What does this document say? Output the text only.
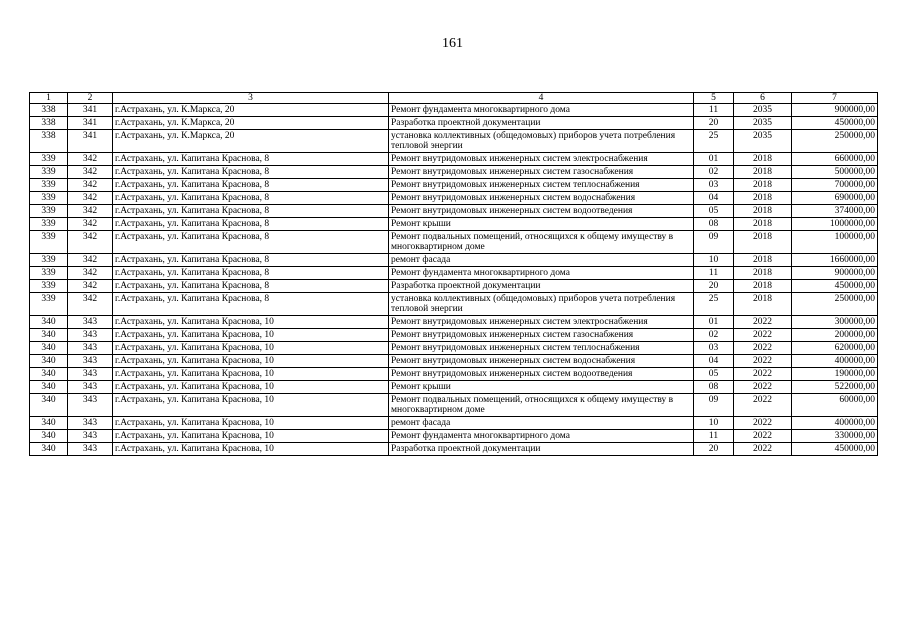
161
1	2	3	4	5	6	7
338	341	г.Астрахань, ул. К.Маркса, 20	Ремонт фундамента многоквартирного дома	11	2035	900000,00
338	341	г.Астрахань, ул. К.Маркса, 20	Разработка проектной документации	20	2035	450000,00
338	341	г.Астрахань, ул. К.Маркса, 20	установка коллективных (общедомовых) приборов учета потребления тепловой энергии	25	2035	250000,00
339	342	г.Астрахань, ул. Капитана Краснова, 8	Ремонт внутридомовых инженерных систем электроснабжения	01	2018	660000,00
339	342	г.Астрахань, ул. Капитана Краснова, 8	Ремонт внутридомовых инженерных систем газоснабжения	02	2018	500000,00
339	342	г.Астрахань, ул. Капитана Краснова, 8	Ремонт внутридомовых инженерных систем теплоснабжения	03	2018	700000,00
339	342	г.Астрахань, ул. Капитана Краснова, 8	Ремонт внутридомовых инженерных систем водоснабжения	04	2018	690000,00
339	342	г.Астрахань, ул. Капитана Краснова, 8	Ремонт внутридомовых инженерных систем водоотведения	05	2018	374000,00
339	342	г.Астрахань, ул. Капитана Краснова, 8	Ремонт крыши	08	2018	1000000,00
339	342	г.Астрахань, ул. Капитана Краснова, 8	Ремонт подвальных помещений, относящихся к общему имуществу в многоквартирном доме	09	2018	100000,00
339	342	г.Астрахань, ул. Капитана Краснова, 8	ремонт фасада	10	2018	1660000,00
339	342	г.Астрахань, ул. Капитана Краснова, 8	Ремонт фундамента многоквартирного дома	11	2018	900000,00
339	342	г.Астрахань, ул. Капитана Краснова, 8	Разработка проектной документации	20	2018	450000,00
339	342	г.Астрахань, ул. Капитана Краснова, 8	установка коллективных (общедомовых) приборов учета потребления тепловой энергии	25	2018	250000,00
340	343	г.Астрахань, ул. Капитана Краснова, 10	Ремонт внутридомовых инженерных систем электроснабжения	01	2022	300000,00
340	343	г.Астрахань, ул. Капитана Краснова, 10	Ремонт внутридомовых инженерных систем газоснабжения	02	2022	200000,00
340	343	г.Астрахань, ул. Капитана Краснова, 10	Ремонт внутридомовых инженерных систем теплоснабжения	03	2022	620000,00
340	343	г.Астрахань, ул. Капитана Краснова, 10	Ремонт внутридомовых инженерных систем водоснабжения	04	2022	400000,00
340	343	г.Астрахань, ул. Капитана Краснова, 10	Ремонт внутридомовых инженерных систем водоотведения	05	2022	190000,00
340	343	г.Астрахань, ул. Капитана Краснова, 10	Ремонт крыши	08	2022	522000,00
340	343	г.Астрахань, ул. Капитана Краснова, 10	Ремонт подвальных помещений, относящихся к общему имуществу в многоквартирном доме	09	2022	60000,00
340	343	г.Астрахань, ул. Капитана Краснова, 10	ремонт фасада	10	2022	400000,00
340	343	г.Астрахань, ул. Капитана Краснова, 10	Ремонт фундамента многоквартирного дома	11	2022	330000,00
340	343	г.Астрахань, ул. Капитана Краснова, 10	Разработка проектной документации	20	2022	450000,00
